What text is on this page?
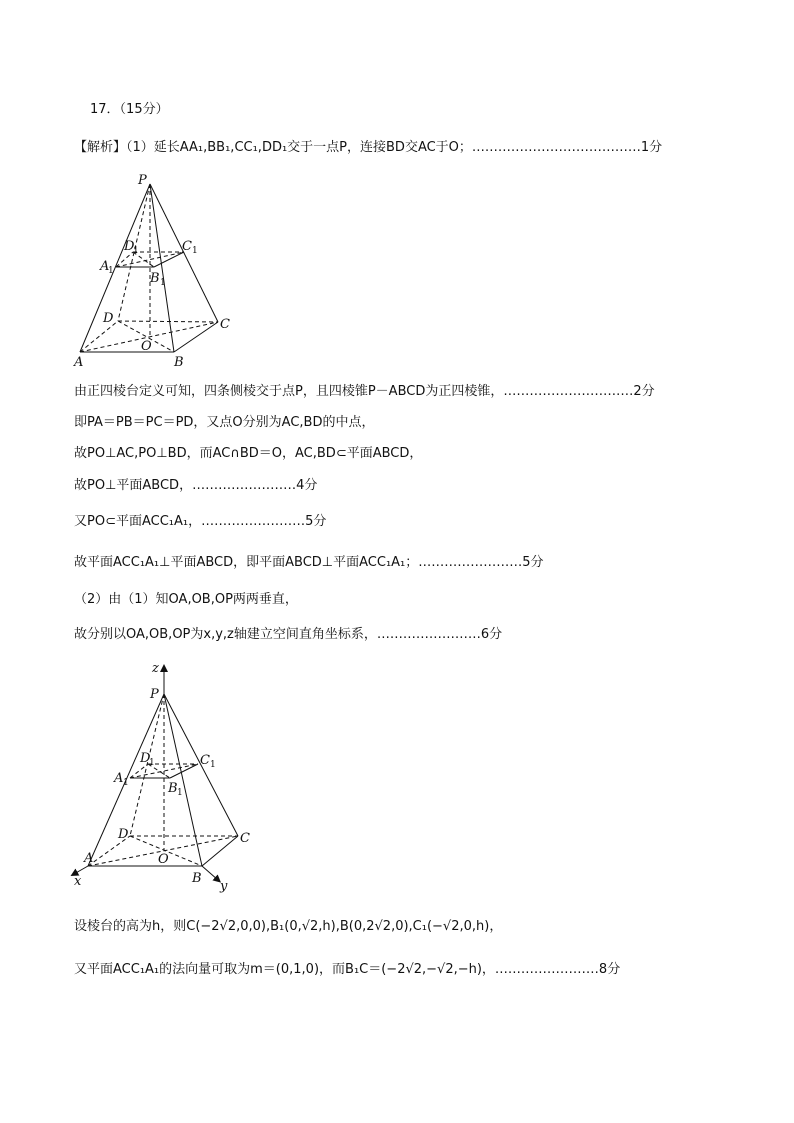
17．（15分）
【解析】（1）延长AA₁,BB₁,CC₁,DD₁交于一点P，连接BD交AC于O；…………………………………1分
P
A
1
D
1	C 1
B 1
D	C
A
O
B
由正四棱台定义可知，四条侧棱交于点P，且四棱锥P－ABCD为正四棱锥，…………………………2分
即PA＝PB＝PC＝PD，又点O分别为AC,BD的中点，
故PO⊥AC,PO⊥BD，而AC∩BD＝O，AC,BD⊂平面ABCD，
故PO⊥平面ABCD，……………………4分
又PO⊂平面ACC₁A₁，……………………5分
故平面ACC₁A₁⊥平面ABCD，即平面ABCD⊥平面ACC₁A₁；……………………5分
（2）由（1）知OA,OB,OP两两垂直，
故分别以OA,OB,OP为x,y,z轴建立空间直角坐标系，……………………6分
z
P
A 1
D
1	C 1
B 1
D	C
A	O
B
x	y
设棱台的高为h，则C(−2√2,0,0),B₁(0,√2,h),B(0,2√2,0),C₁(−√2,0,h)，
又平面ACC₁A₁的法向量可取为m＝(0,1,0)，而B₁C＝(−2√2,−√2,−h)，……………………8分
